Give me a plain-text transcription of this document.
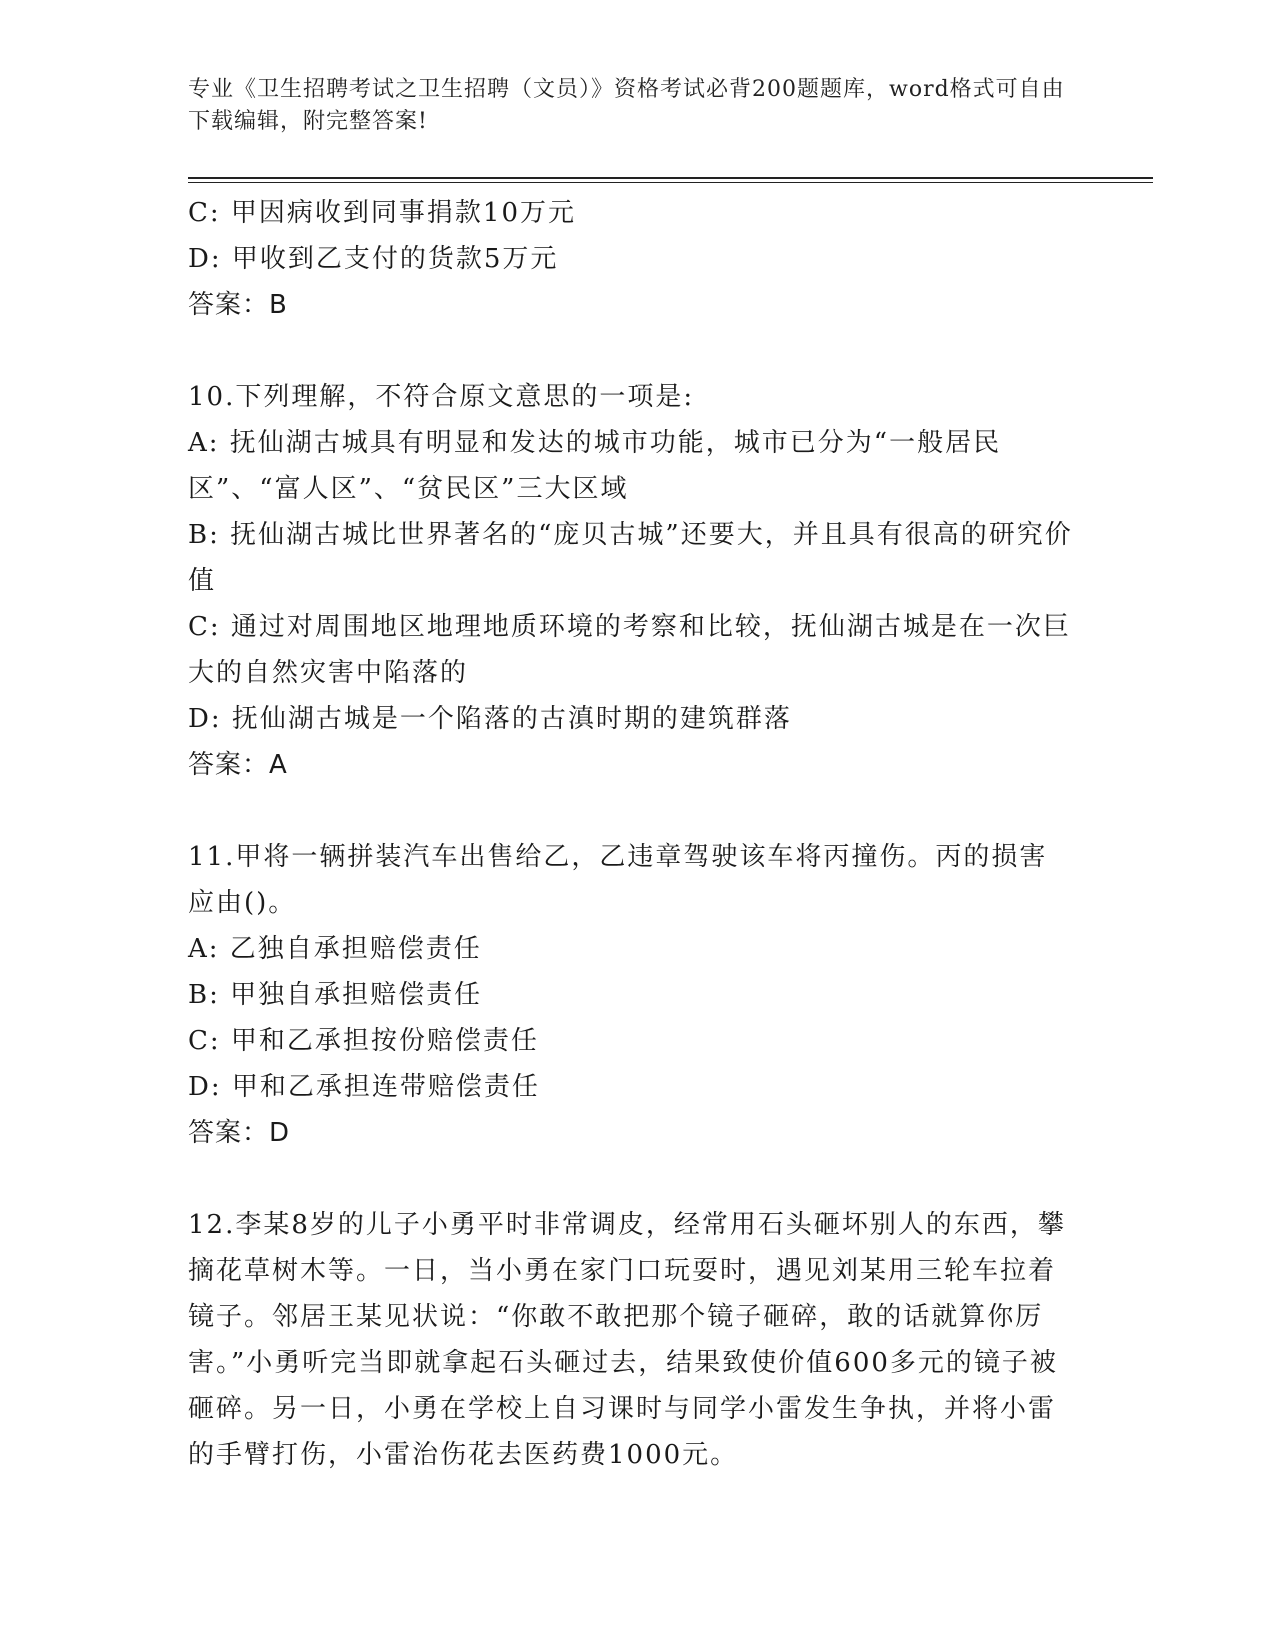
专业《卫生招聘考试之卫生招聘（文员）》资格考试必背200题题库，word格式可自由下载编辑，附完整答案!
C: 甲因病收到同事捐款10万元
D: 甲收到乙支付的货款5万元
答案：B
10.下列理解，不符合原文意思的一项是:
A: 抚仙湖古城具有明显和发达的城市功能，城市已分为“一般居民区”、“富人区”、“贫民区”三大区域
B: 抚仙湖古城比世界著名的“庞贝古城”还要大，并且具有很高的研究价值
C: 通过对周围地区地理地质环境的考察和比较，抚仙湖古城是在一次巨大的自然灾害中陷落的
D: 抚仙湖古城是一个陷落的古滇时期的建筑群落
答案：A
11.甲将一辆拼装汽车出售给乙，乙违章驾驶该车将丙撞伤。丙的损害应由()。
A: 乙独自承担赔偿责任
B: 甲独自承担赔偿责任
C: 甲和乙承担按份赔偿责任
D: 甲和乙承担连带赔偿责任
答案：D
12.李某8岁的儿子小勇平时非常调皮，经常用石头砸坏别人的东西，攀摘花草树木等。一日，当小勇在家门口玩耍时，遇见刘某用三轮车拉着镜子。邻居王某见状说：“你敢不敢把那个镜子砸碎，敢的话就算你厉害。”小勇听完当即就拿起石头砸过去，结果致使价值600多元的镜子被砸碎。另一日，小勇在学校上自习课时与同学小雷发生争执，并将小雷的手臂打伤，小雷治伤花去医药费1000元。
